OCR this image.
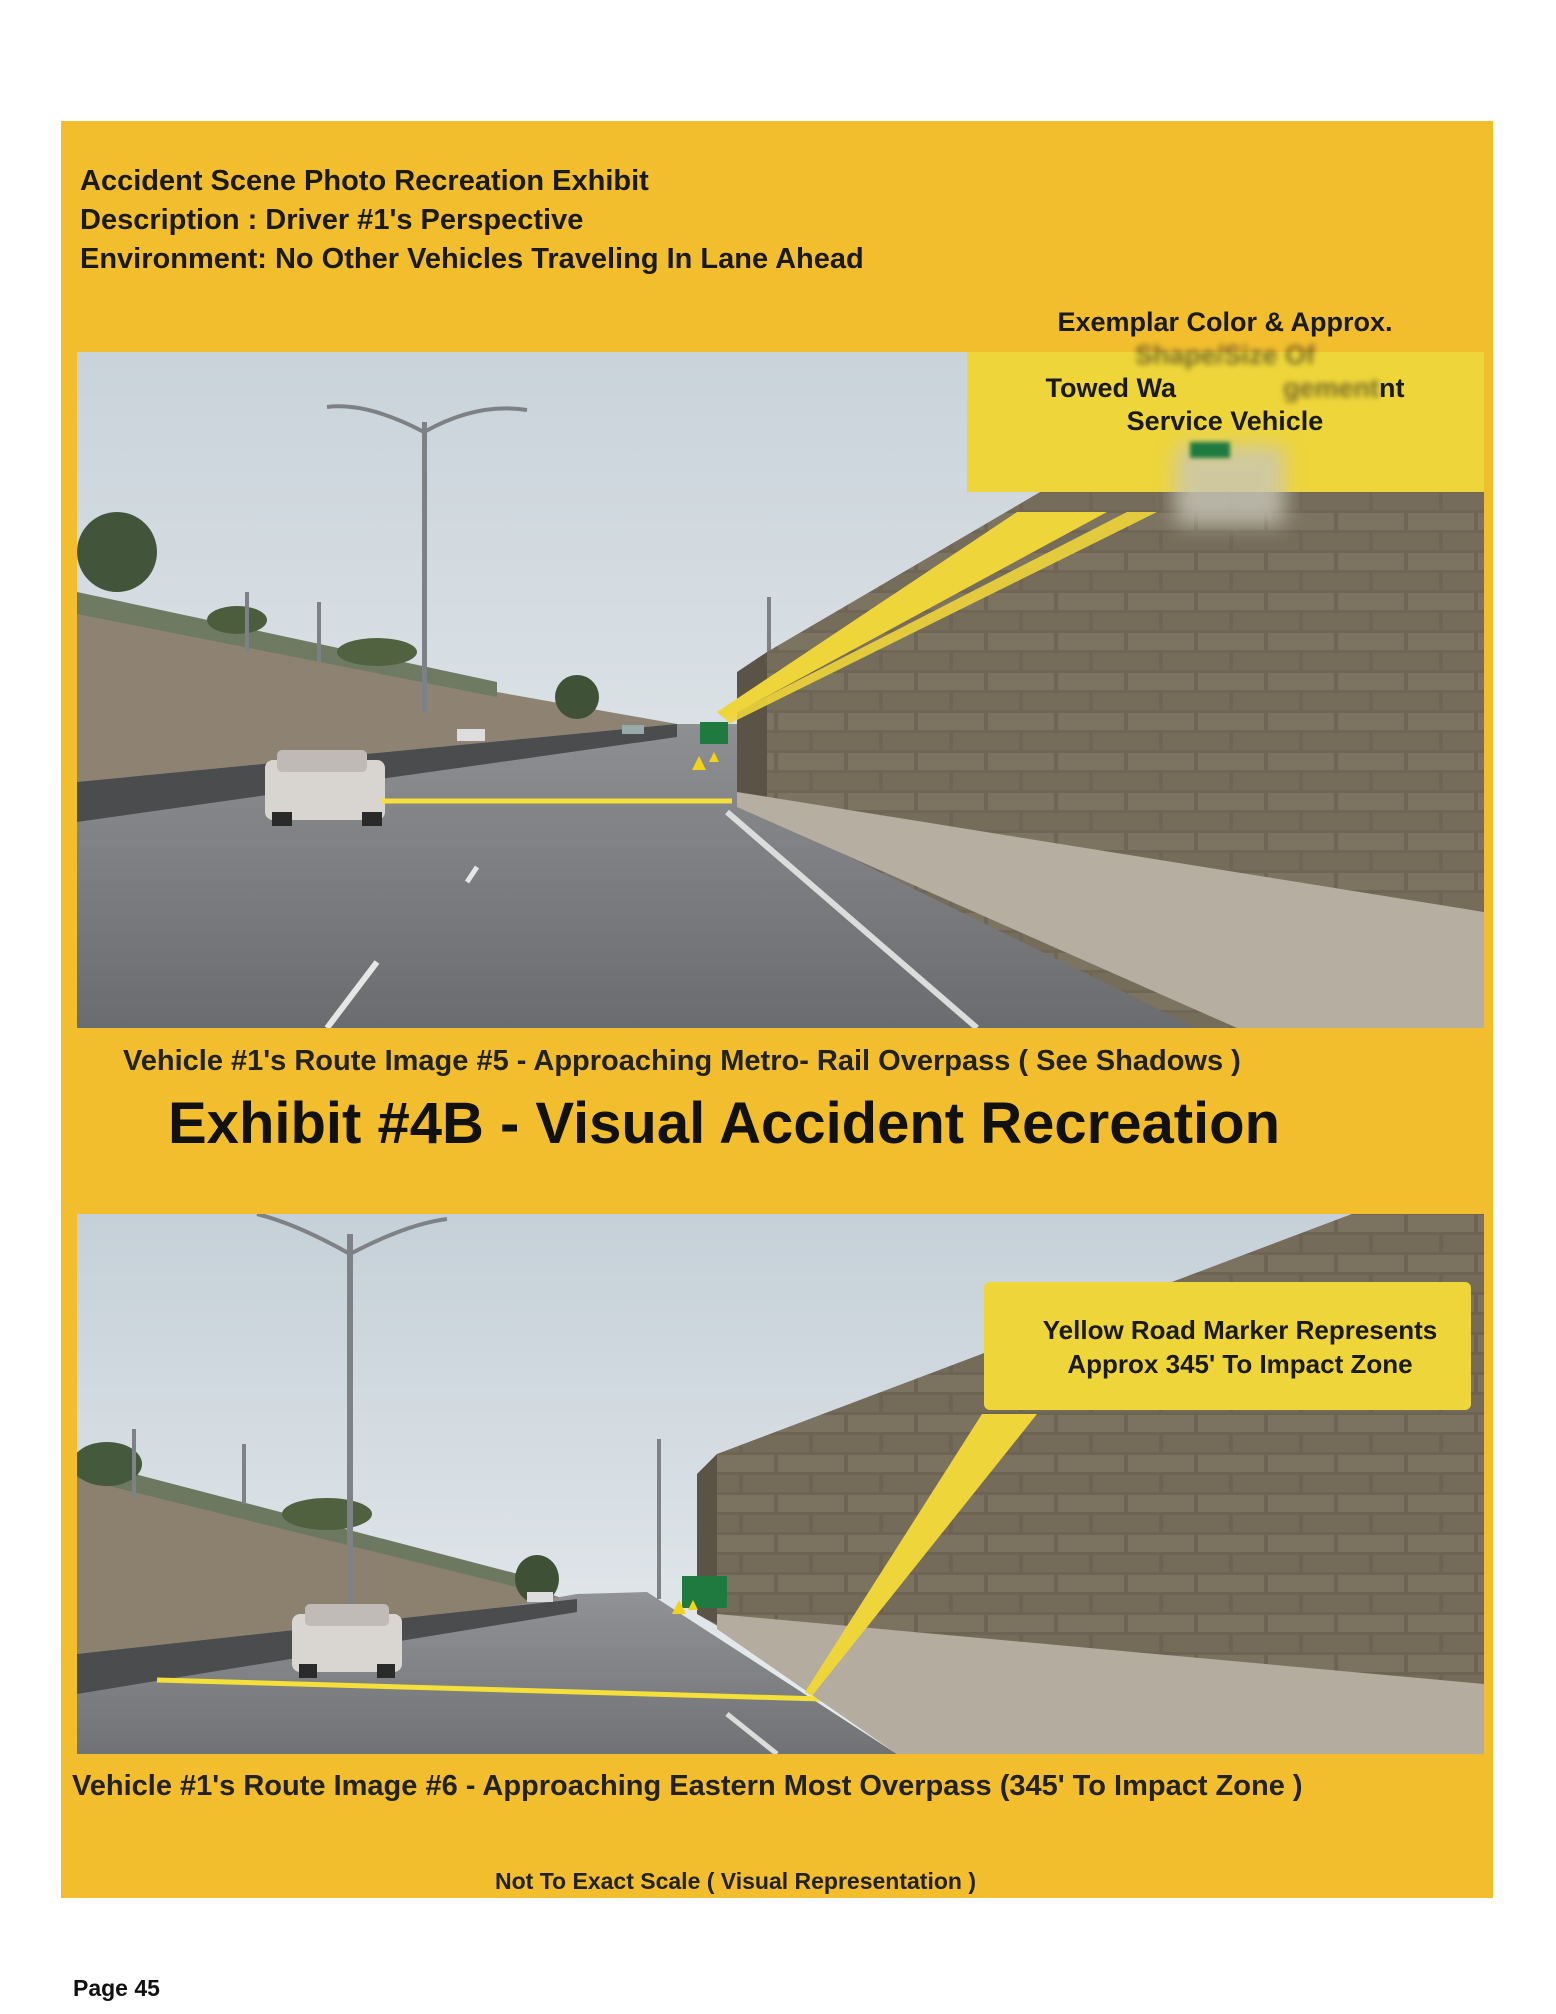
Accident Scene Photo Recreation Exhibit
Description : Driver #1's Perspective
Environment: No Other Vehicles Traveling In Lane Ahead
Exemplar Color & Approx.
Shape/Size Of
Towed Wa	gementnt
Service Vehicle
Vehicle #1's Route Image #5 - Approaching Metro- Rail Overpass ( See Shadows )
Exhibit #4B - Visual Accident Recreation
Yellow Road Marker Represents
Approx 345' To Impact Zone
Vehicle #1's Route Image #6 - Approaching Eastern Most Overpass (345' To Impact Zone )
Not To Exact Scale ( Visual Representation )
Page 45
